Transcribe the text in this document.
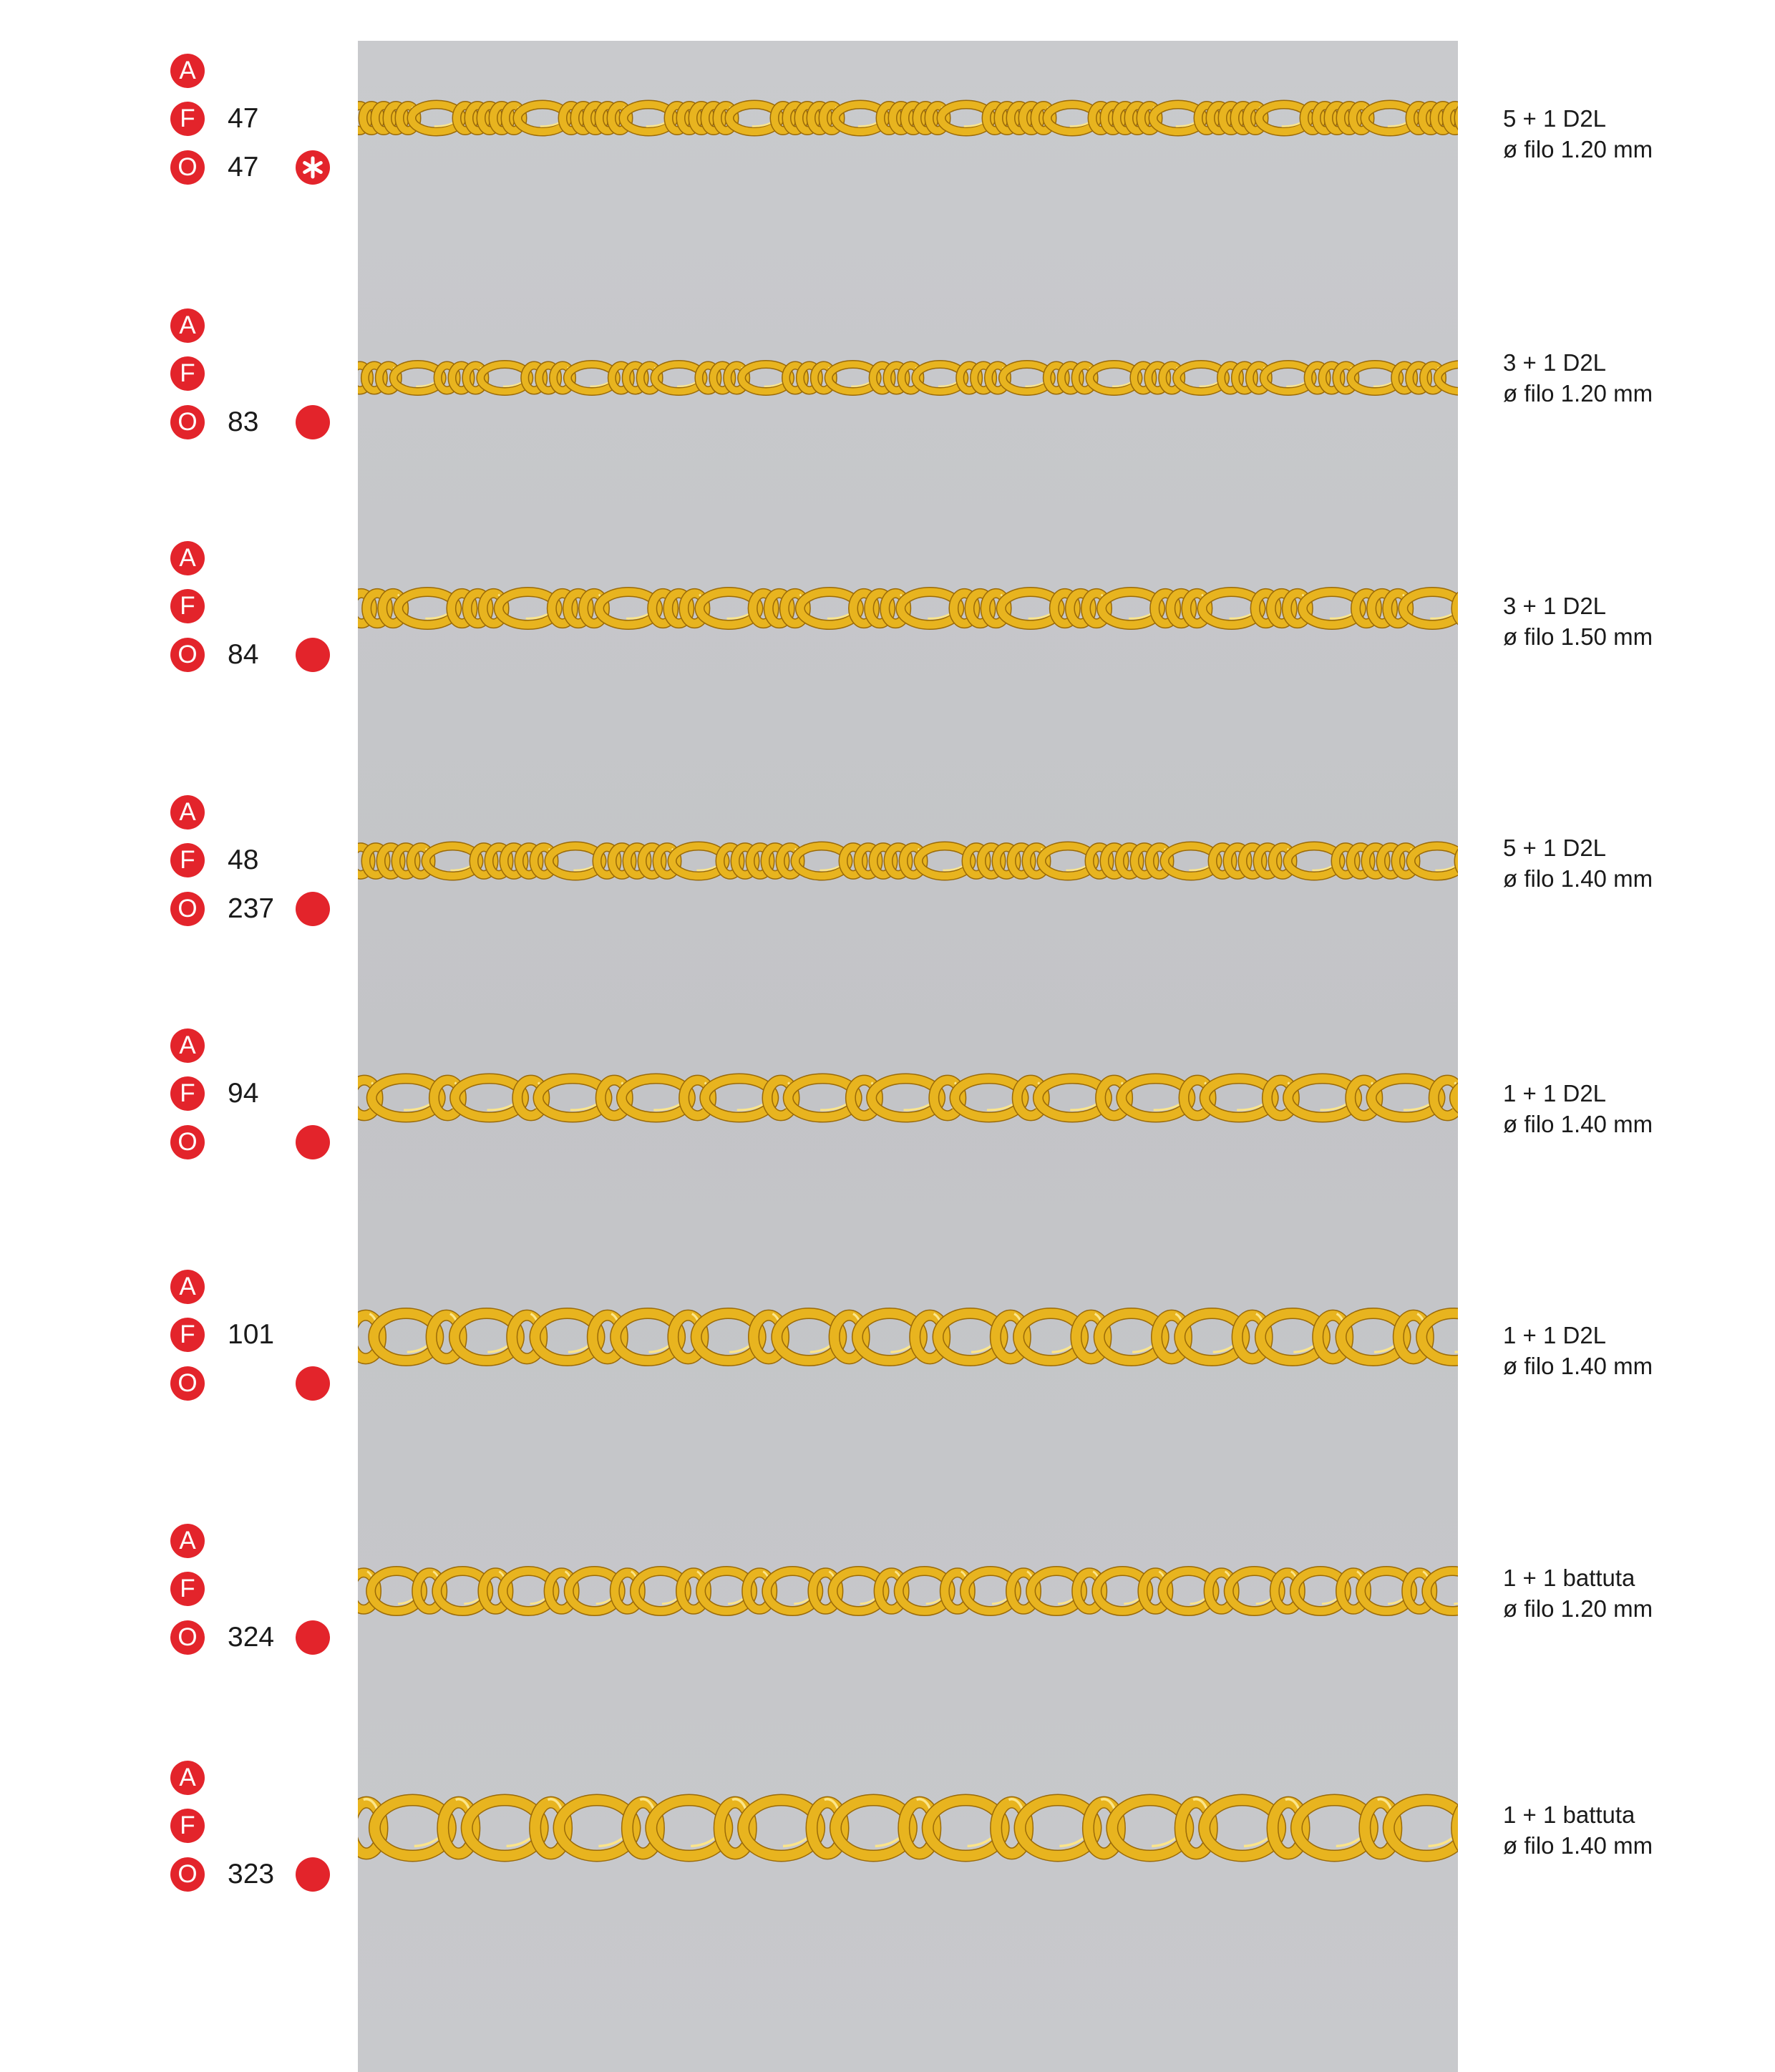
A
F	47
O 47
5 + 1 D2L
ø filo 1.20 mm
A
F
O 83
3 + 1 D2L
ø filo 1.20 mm
A
F
O 84
3 + 1 D2L
ø filo 1.50 mm
A
F	48
O 237
5 + 1 D2L
ø filo 1.40 mm
A
F	94
O
1 + 1 D2L
ø filo 1.40 mm
A
F	101
O
1 + 1 D2L
ø filo 1.40 mm
A
F
O 324
1 + 1 battuta
ø filo 1.20 mm
A
F
O 323
1 + 1 battuta
ø filo 1.40 mm
